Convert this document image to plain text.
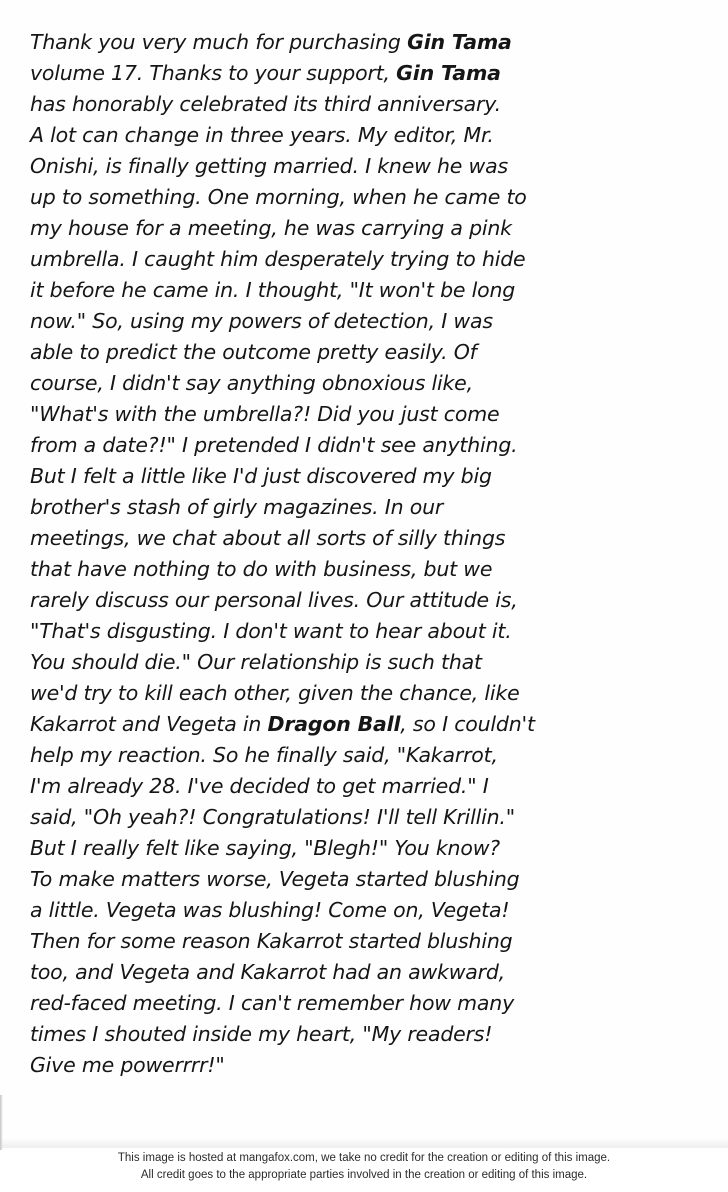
Thank you very much for purchasing Gin Tama
volume 17. Thanks to your support, Gin Tama
has honorably celebrated its third anniversary.
A lot can change in three years. My editor, Mr.
Onishi, is finally getting married. I knew he was
up to something. One morning, when he came to
my house for a meeting, he was carrying a pink
umbrella. I caught him desperately trying to hide
it before he came in. I thought, "It won't be long
now." So, using my powers of detection, I was
able to predict the outcome pretty easily. Of
course, I didn't say anything obnoxious like,
"What's with the umbrella?! Did you just come
from a date?!" I pretended I didn't see anything.
But I felt a little like I'd just discovered my big
brother's stash of girly magazines. In our
meetings, we chat about all sorts of silly things
that have nothing to do with business, but we
rarely discuss our personal lives. Our attitude is,
"That's disgusting. I don't want to hear about it.
You should die." Our relationship is such that
we'd try to kill each other, given the chance, like
Kakarrot and Vegeta in Dragon Ball, so I couldn't
help my reaction. So he finally said, "Kakarrot,
I'm already 28. I've decided to get married." I
said, "Oh yeah?! Congratulations! I'll tell Krillin."
But I really felt like saying, "Blegh!" You know?
To make matters worse, Vegeta started blushing
a little. Vegeta was blushing! Come on, Vegeta!
Then for some reason Kakarrot started blushing
too, and Vegeta and Kakarrot had an awkward,
red-faced meeting. I can't remember how many
times I shouted inside my heart, "My readers!
Give me powerrrr!"
This image is hosted at mangafox.com, we take no credit for the creation or editing of this image.
All credit goes to the appropriate parties involved in the creation or editing of this image.
